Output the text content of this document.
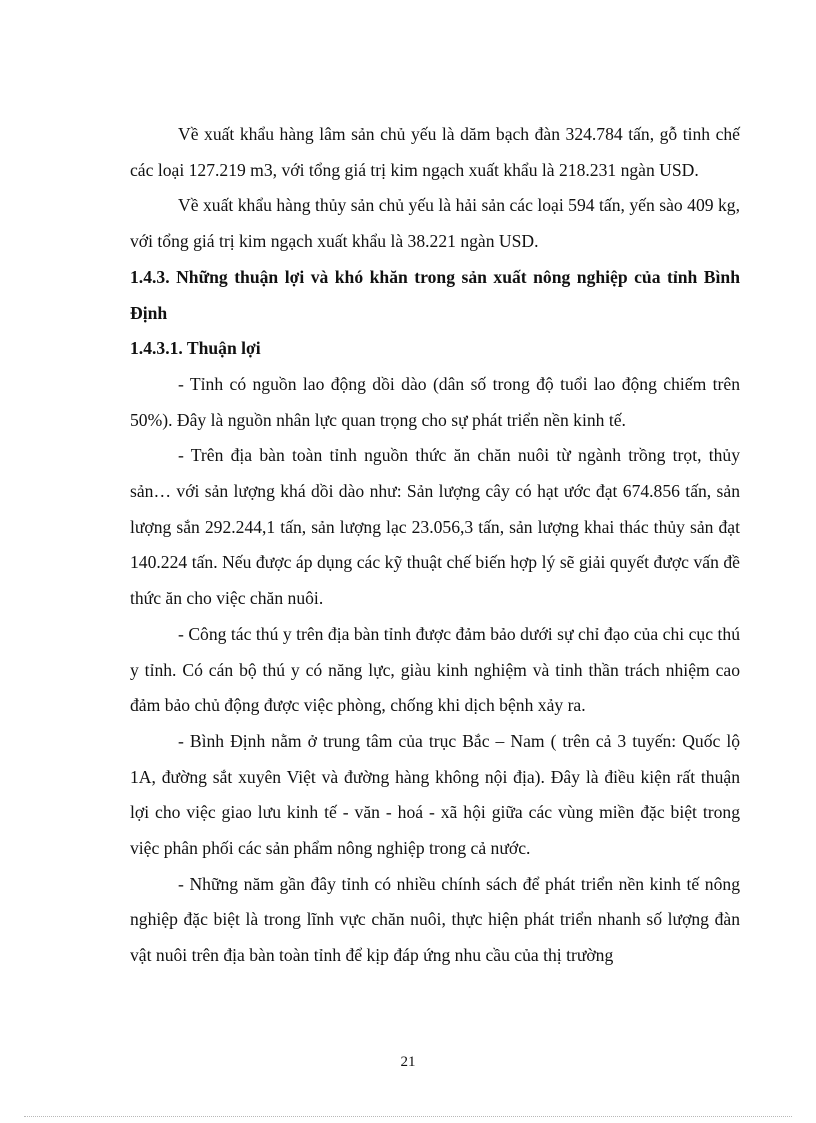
Về xuất khẩu hàng lâm sản chủ yếu là dăm bạch đàn 324.784 tấn, gỗ tinh chế các loại 127.219 m3, với tổng giá trị kim ngạch xuất khẩu là 218.231 ngàn USD.

Về xuất khẩu hàng thủy sản chủ yếu là hải sản các loại 594 tấn, yến sào 409 kg, với tổng giá trị kim ngạch xuất khẩu là 38.221 ngàn USD.

1.4.3. Những thuận lợi và khó khăn trong sản xuất nông nghiệp của tỉnh Bình Định
1.4.3.1. Thuận lợi

- Tỉnh có nguồn lao động dồi dào (dân số trong độ tuổi lao động chiếm trên 50%). Đây là nguồn nhân lực quan trọng cho sự phát triển nền kinh tế.

- Trên địa bàn toàn tỉnh nguồn thức ăn chăn nuôi từ ngành trồng trọt, thủy sản… với sản lượng khá dồi dào như: Sản lượng cây có hạt ước đạt 674.856 tấn, sản lượng sắn 292.244,1 tấn, sản lượng lạc 23.056,3 tấn, sản lượng khai thác thủy sản đạt 140.224 tấn. Nếu được áp dụng các kỹ thuật chế biến hợp lý sẽ giải quyết được vấn đề thức ăn cho việc chăn nuôi.

- Công tác thú y trên địa bàn tỉnh được đảm bảo dưới sự chỉ đạo của chi cục thú y tỉnh. Có cán bộ thú y có năng lực, giàu kinh nghiệm và tinh thần trách nhiệm cao đảm bảo chủ động được việc phòng, chống khi dịch bệnh xảy ra.

- Bình Định nằm ở trung tâm của trục Bắc – Nam ( trên cả 3 tuyến: Quốc lộ 1A, đường sắt xuyên Việt và đường hàng không nội địa). Đây là điều kiện rất thuận lợi cho việc giao lưu kinh tế - văn - hoá - xã hội giữa các vùng miền đặc biệt trong việc phân phối các sản phẩm nông nghiệp trong cả nước.

- Những năm gần đây tỉnh có nhiều chính sách để phát triển nền kinh tế nông nghiệp đặc biệt là trong lĩnh vực chăn nuôi, thực hiện phát triển nhanh số lượng đàn vật nuôi trên địa bàn toàn tỉnh để kịp đáp ứng nhu cầu của thị trường

21
